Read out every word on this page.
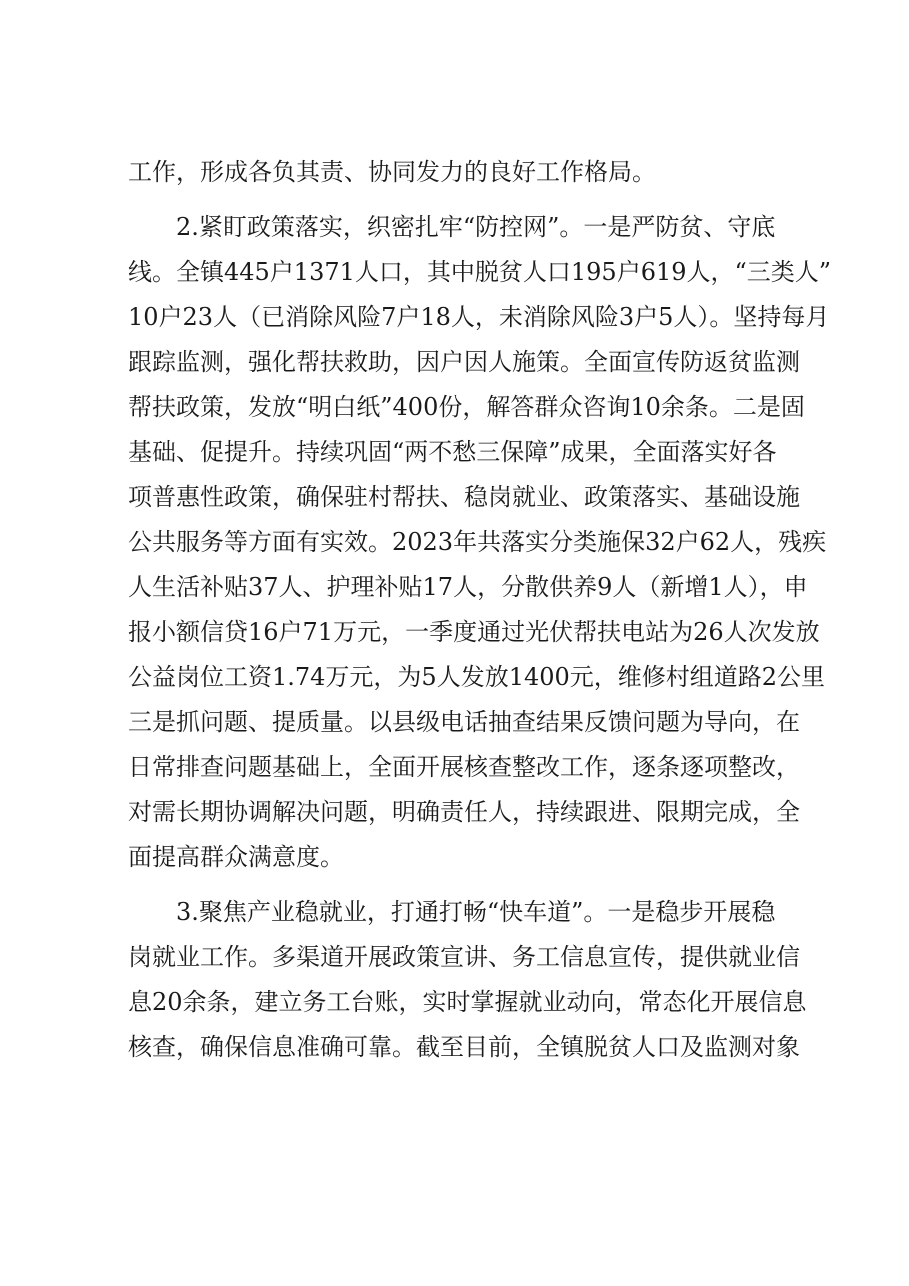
工作，形成各负其责、协同发力的良好工作格局。
2.紧盯政策落实，织密扎牢“防控网”。一是严防贫、守底
线。全镇445户1371人口，其中脱贫人口195户619人，“三类人”
10户23人（已消除风险7户18人，未消除风险3户5人）。坚持每月
跟踪监测，强化帮扶救助，因户因人施策。全面宣传防返贫监测
帮扶政策，发放“明白纸”400份，解答群众咨询10余条。二是固
基础、促提升。持续巩固“两不愁三保障”成果，全面落实好各
项普惠性政策，确保驻村帮扶、稳岗就业、政策落实、基础设施
公共服务等方面有实效。2023年共落实分类施保32户62人，残疾
人生活补贴37人、护理补贴17人，分散供养9人（新增1人），申
报小额信贷16户71万元，一季度通过光伏帮扶电站为26人次发放
公益岗位工资1.74万元，为5人发放1400元，维修村组道路2公里
三是抓问题、提质量。以县级电话抽查结果反馈问题为导向，在
日常排查问题基础上，全面开展核查整改工作，逐条逐项整改，
对需长期协调解决问题，明确责任人，持续跟进、限期完成，全
面提高群众满意度。
3.聚焦产业稳就业，打通打畅“快车道”。一是稳步开展稳
岗就业工作。多渠道开展政策宣讲、务工信息宣传，提供就业信
息20余条，建立务工台账，实时掌握就业动向，常态化开展信息
核查，确保信息准确可靠。截至目前，全镇脱贫人口及监测对象
